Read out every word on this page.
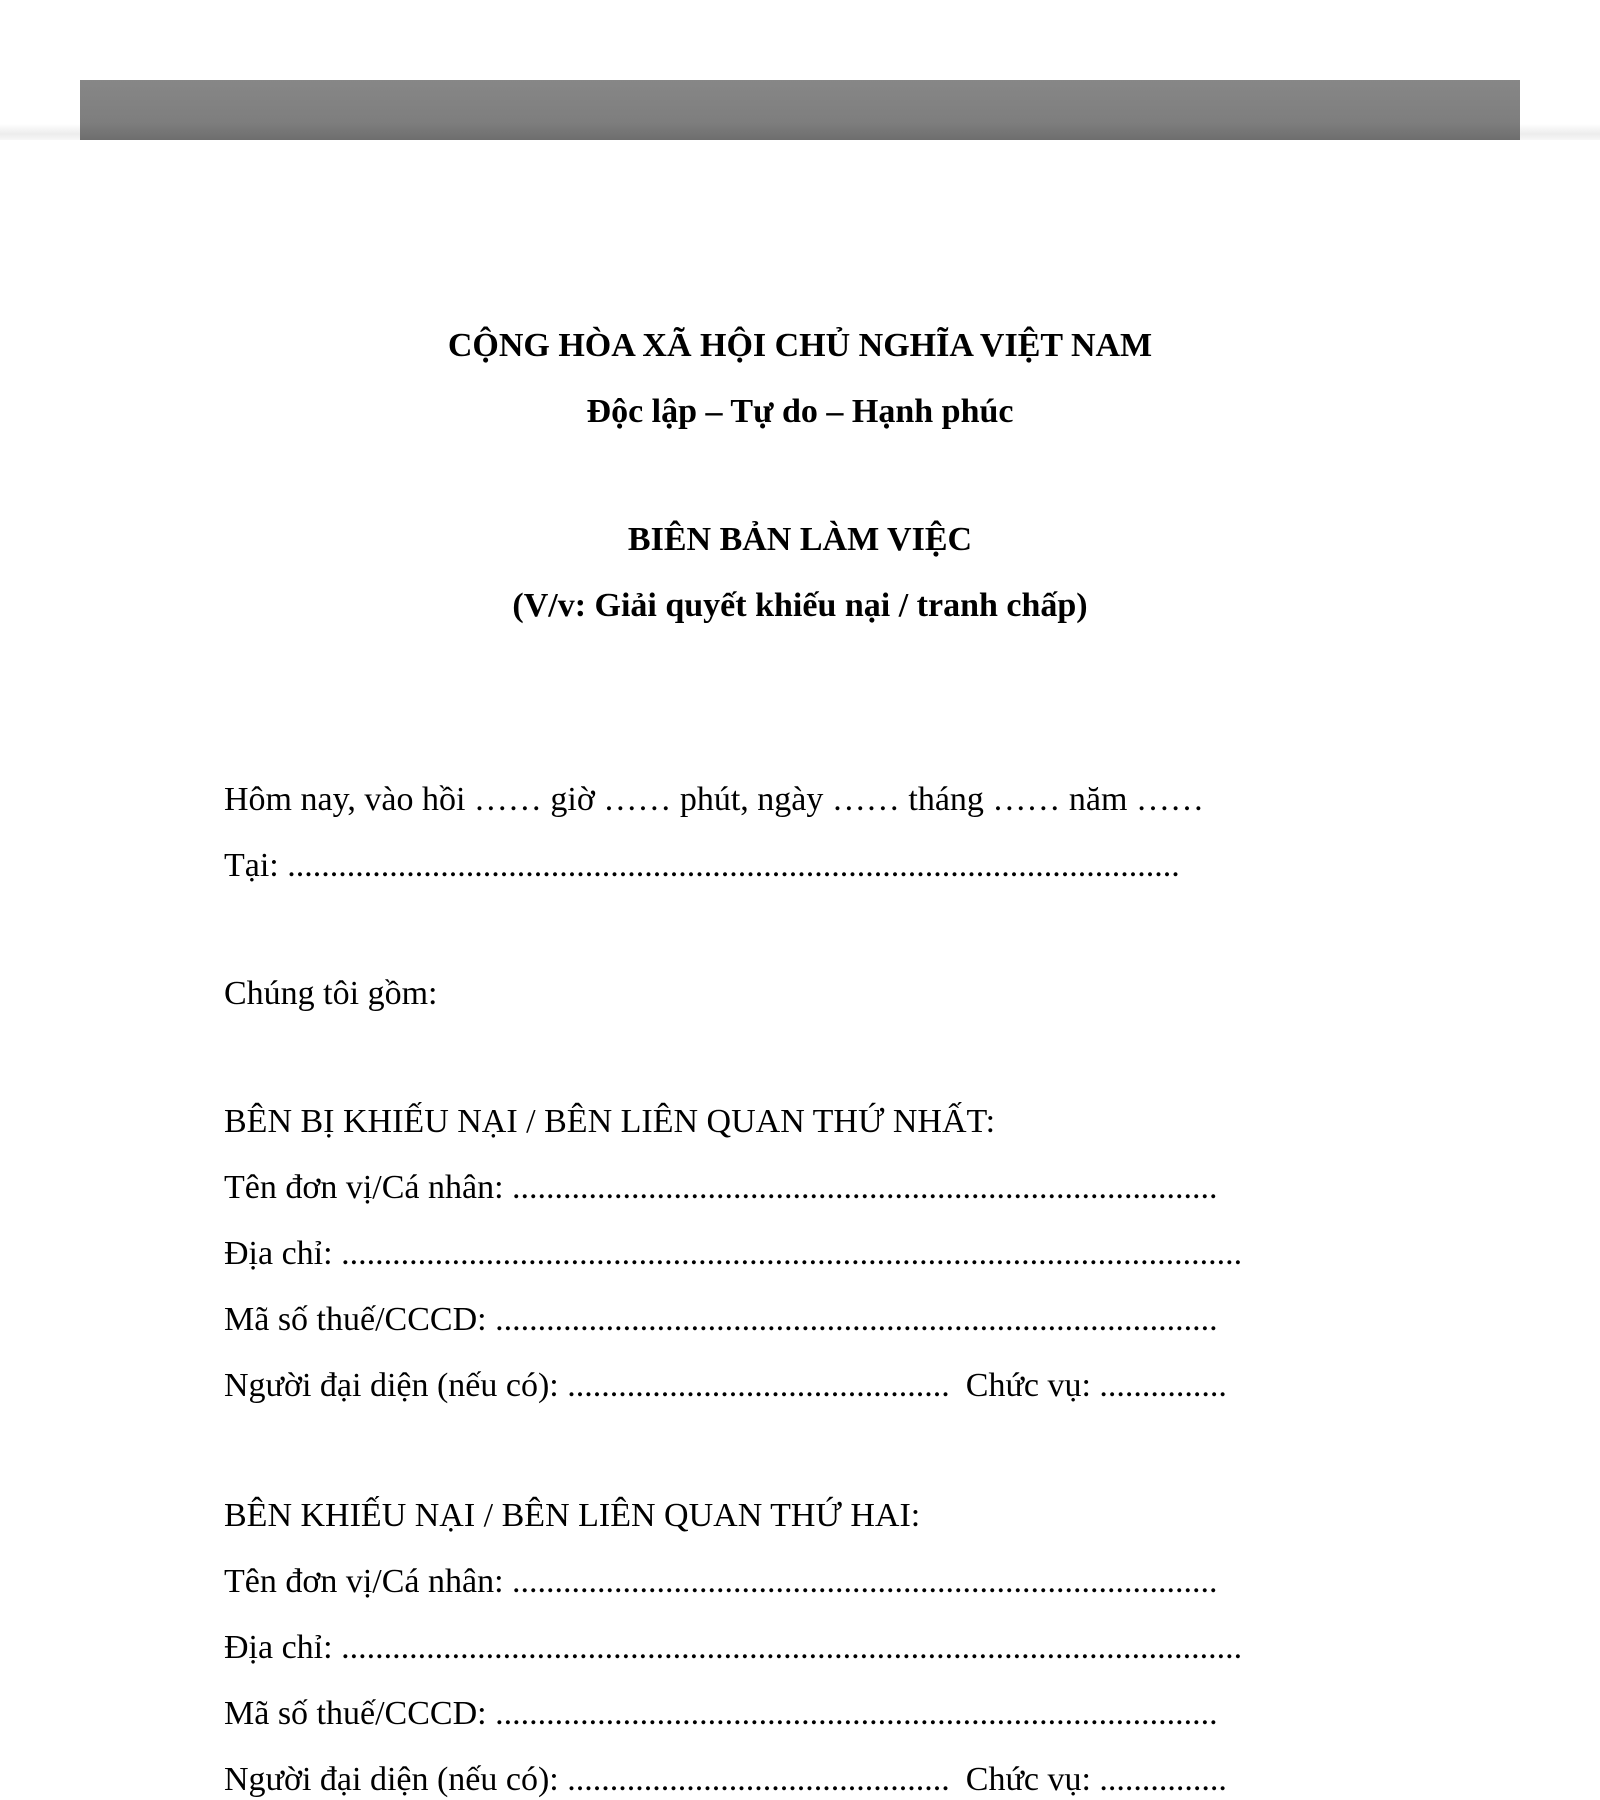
CỘNG HÒA XÃ HỘI CHỦ NGHĨA VIỆT NAM
Độc lập – Tự do – Hạnh phúc
BIÊN BẢN LÀM VIỆC
(V/v: Giải quyết khiếu nại / tranh chấp)
Hôm nay, vào hồi …… giờ …… phút, ngày …… tháng …… năm ……
Tại: .........................................................................................................
Chúng tôi gồm:
BÊN BỊ KHIẾU NẠI / BÊN LIÊN QUAN THỨ NHẤT:
Tên đơn vị/Cá nhân: ...................................................................................
Địa chỉ: ..........................................................................................................
Mã số thuế/CCCD: .....................................................................................
Người đại diện (nếu có): ............................................. Chức vụ: ...............
BÊN KHIẾU NẠI / BÊN LIÊN QUAN THỨ HAI:
Tên đơn vị/Cá nhân: ...................................................................................
Địa chỉ: ..........................................................................................................
Mã số thuế/CCCD: .....................................................................................
Người đại diện (nếu có): ............................................. Chức vụ: ...............
